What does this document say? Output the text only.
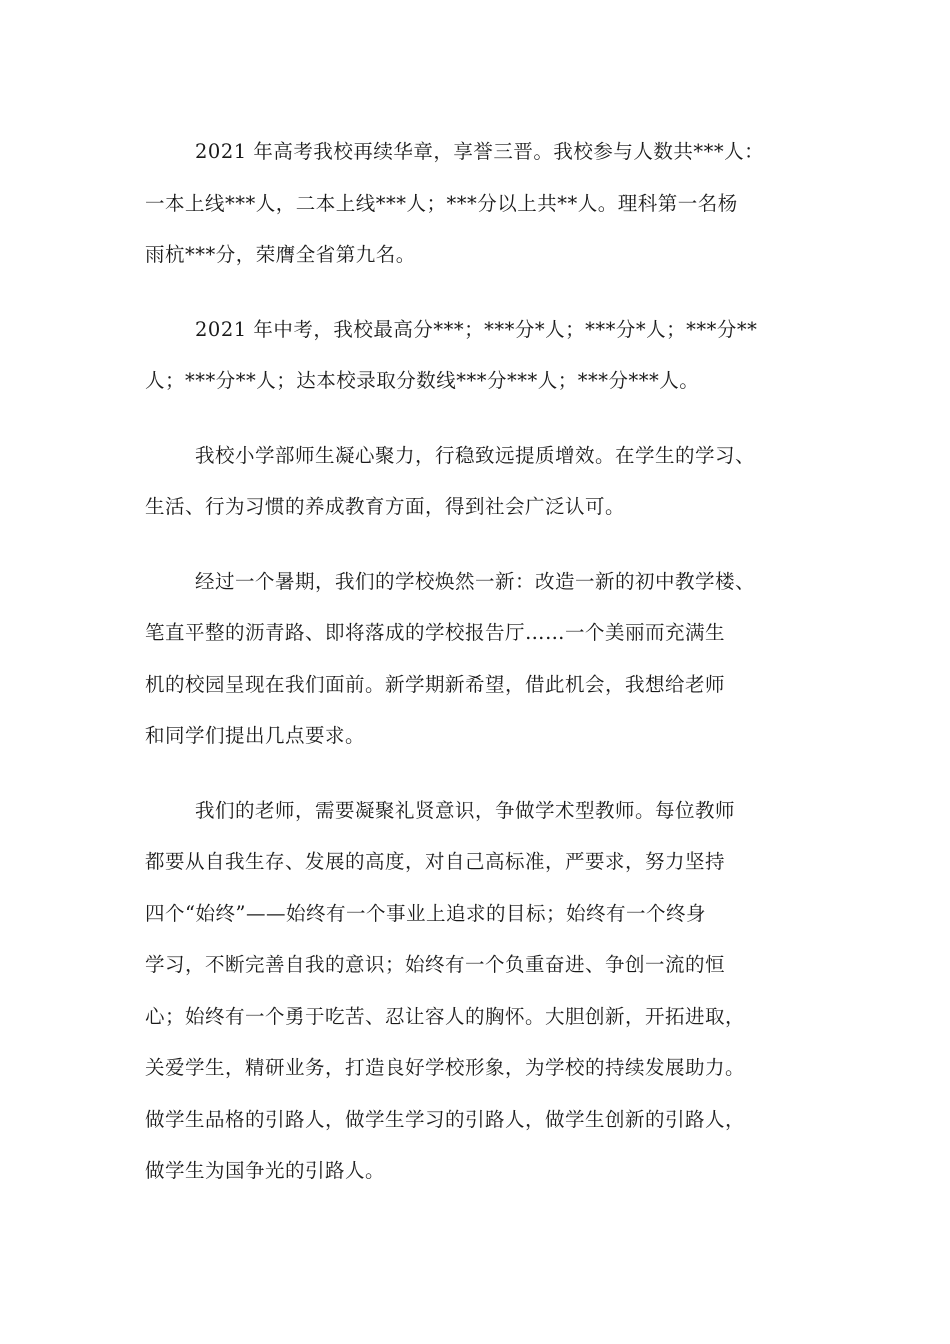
2021 年高考我校再续华章，享誉三晋。我校参与人数共***人：
一本上线***人，二本上线***人；***分以上共**人。理科第一名杨
雨杭***分，荣膺全省第九名。
2021 年中考，我校最高分***；***分*人；***分*人；***分**
人；***分**人；达本校录取分数线***分***人；***分***人。
我校小学部师生凝心聚力，行稳致远提质增效。在学生的学习、
生活、行为习惯的养成教育方面，得到社会广泛认可。
经过一个暑期，我们的学校焕然一新：改造一新的初中教学楼、
笔直平整的沥青路、即将落成的学校报告厅……一个美丽而充满生
机的校园呈现在我们面前。新学期新希望，借此机会，我想给老师
和同学们提出几点要求。
我们的老师，需要凝聚礼贤意识，争做学术型教师。每位教师
都要从自我生存、发展的高度，对自己高标准，严要求，努力坚持
四个“始终”——始终有一个事业上追求的目标；始终有一个终身
学习，不断完善自我的意识；始终有一个负重奋进、争创一流的恒
心；始终有一个勇于吃苦、忍让容人的胸怀。大胆创新，开拓进取，
关爱学生，精研业务，打造良好学校形象，为学校的持续发展助力。
做学生品格的引路人，做学生学习的引路人，做学生创新的引路人，
做学生为国争光的引路人。
